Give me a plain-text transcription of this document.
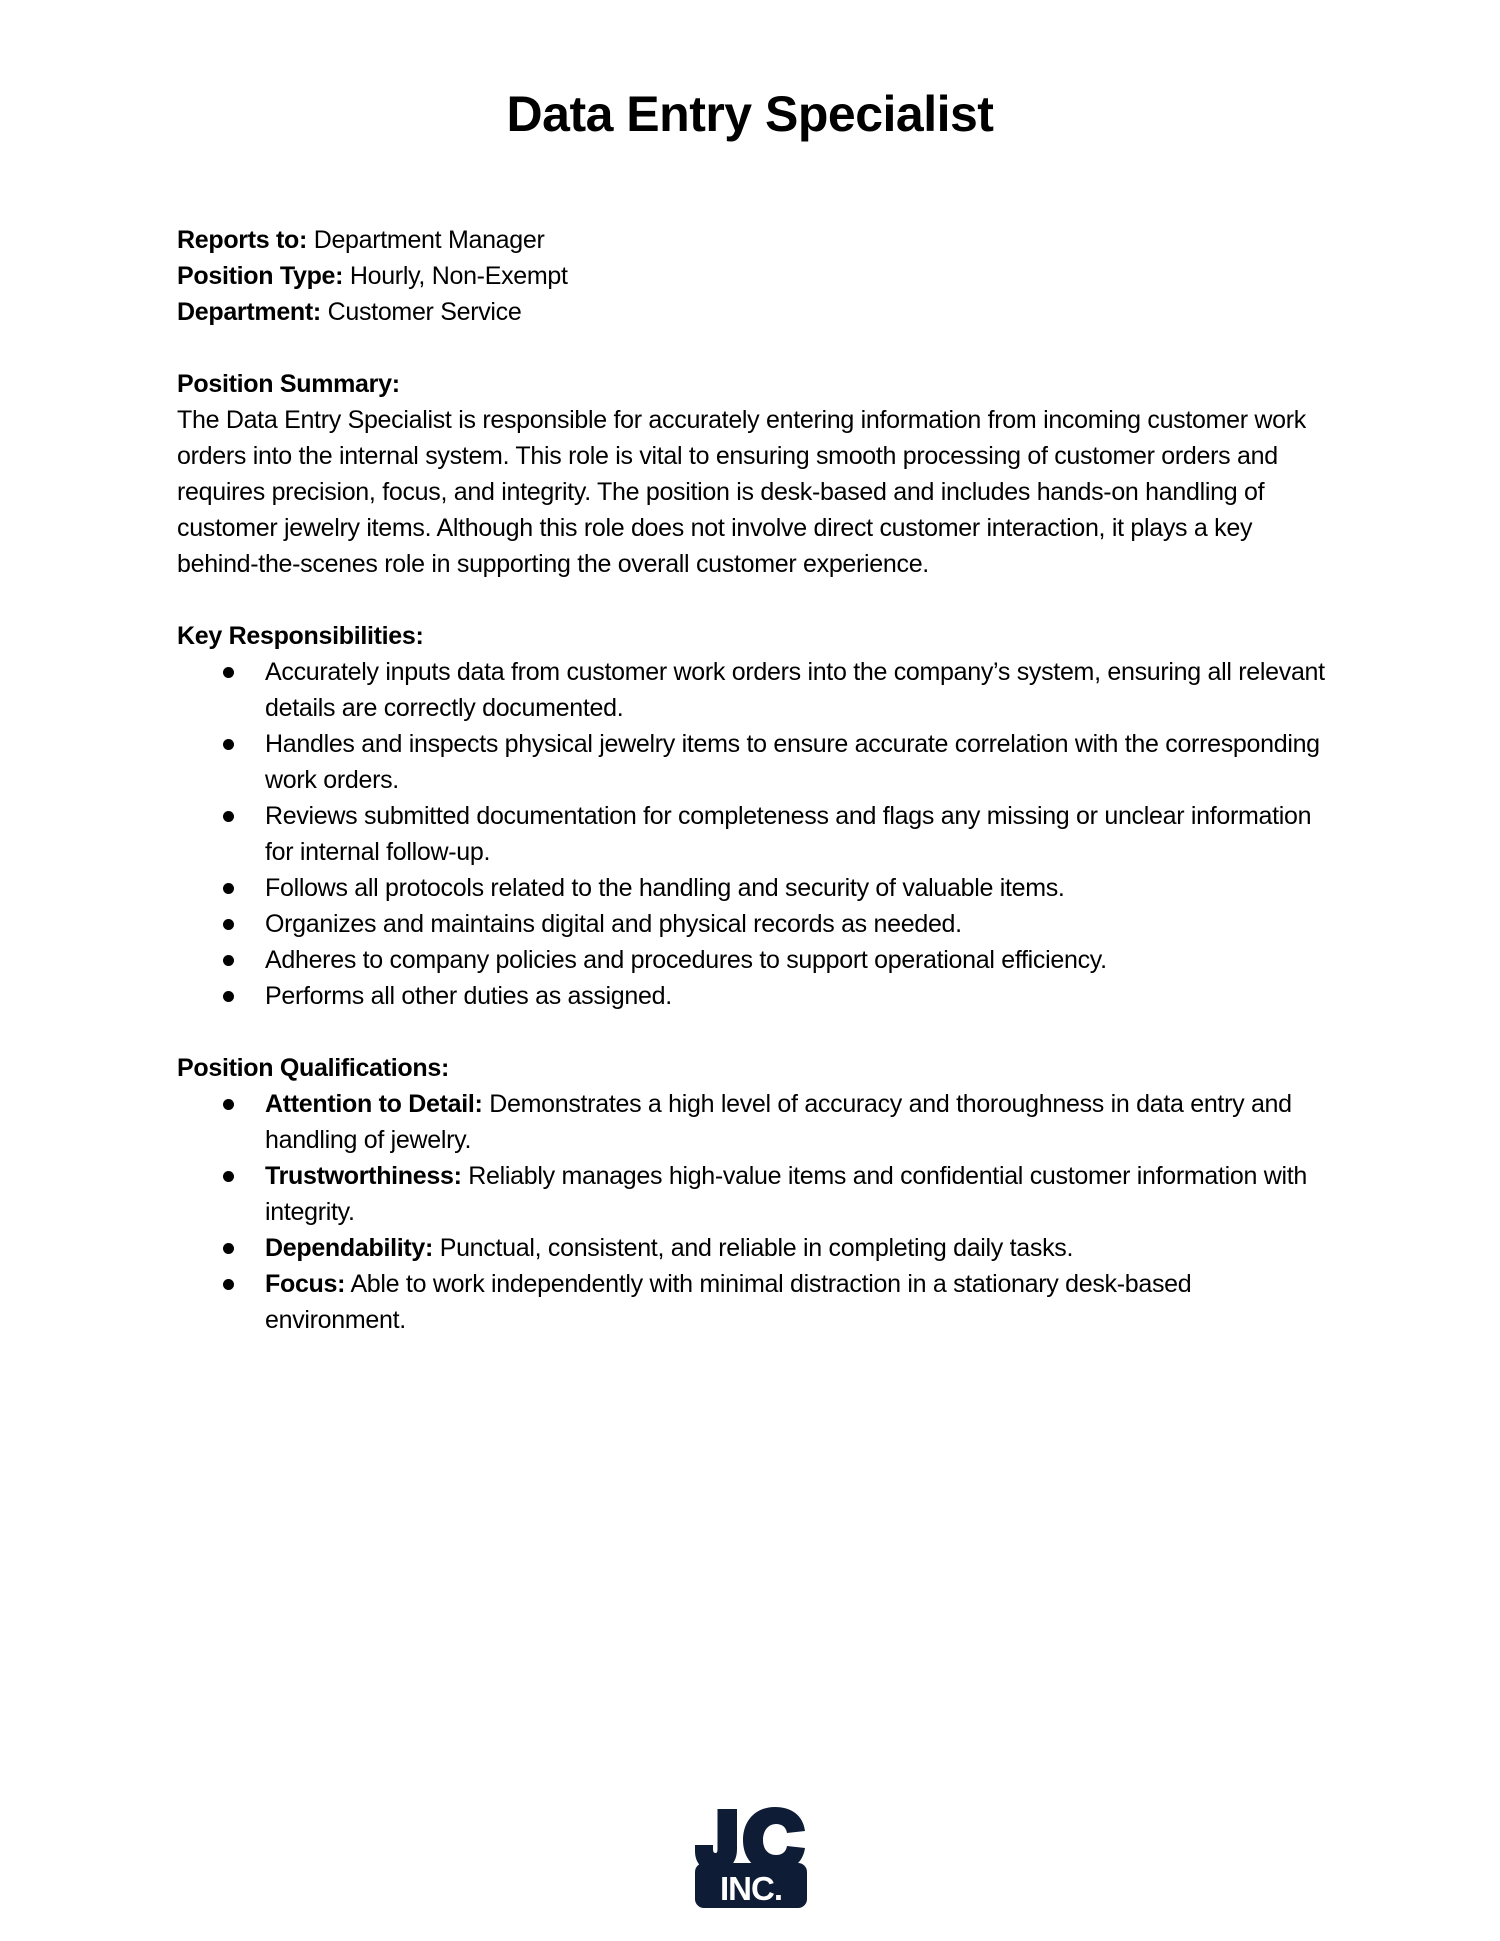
Data Entry Specialist
Reports to: Department Manager
Position Type: Hourly, Non-Exempt
Department: Customer Service
Position Summary:
The Data Entry Specialist is responsible for accurately entering information from incoming customer work orders into the internal system. This role is vital to ensuring smooth processing of customer orders and requires precision, focus, and integrity. The position is desk-based and includes hands-on handling of customer jewelry items. Although this role does not involve direct customer interaction, it plays a key behind-the-scenes role in supporting the overall customer experience.
Key Responsibilities:
Accurately inputs data from customer work orders into the company’s system, ensuring all relevant details are correctly documented.
Handles and inspects physical jewelry items to ensure accurate correlation with the corresponding work orders.
Reviews submitted documentation for completeness and flags any missing or unclear information for internal follow-up.
Follows all protocols related to the handling and security of valuable items.
Organizes and maintains digital and physical records as needed.
Adheres to company policies and procedures to support operational efficiency.
Performs all other duties as assigned.
Position Qualifications:
Attention to Detail: Demonstrates a high level of accuracy and thoroughness in data entry and handling of jewelry.
Trustworthiness: Reliably manages high-value items and confidential customer information with integrity.
Dependability: Punctual, consistent, and reliable in completing daily tasks.
Focus: Able to work independently with minimal distraction in a stationary desk-based environment.
INC.
